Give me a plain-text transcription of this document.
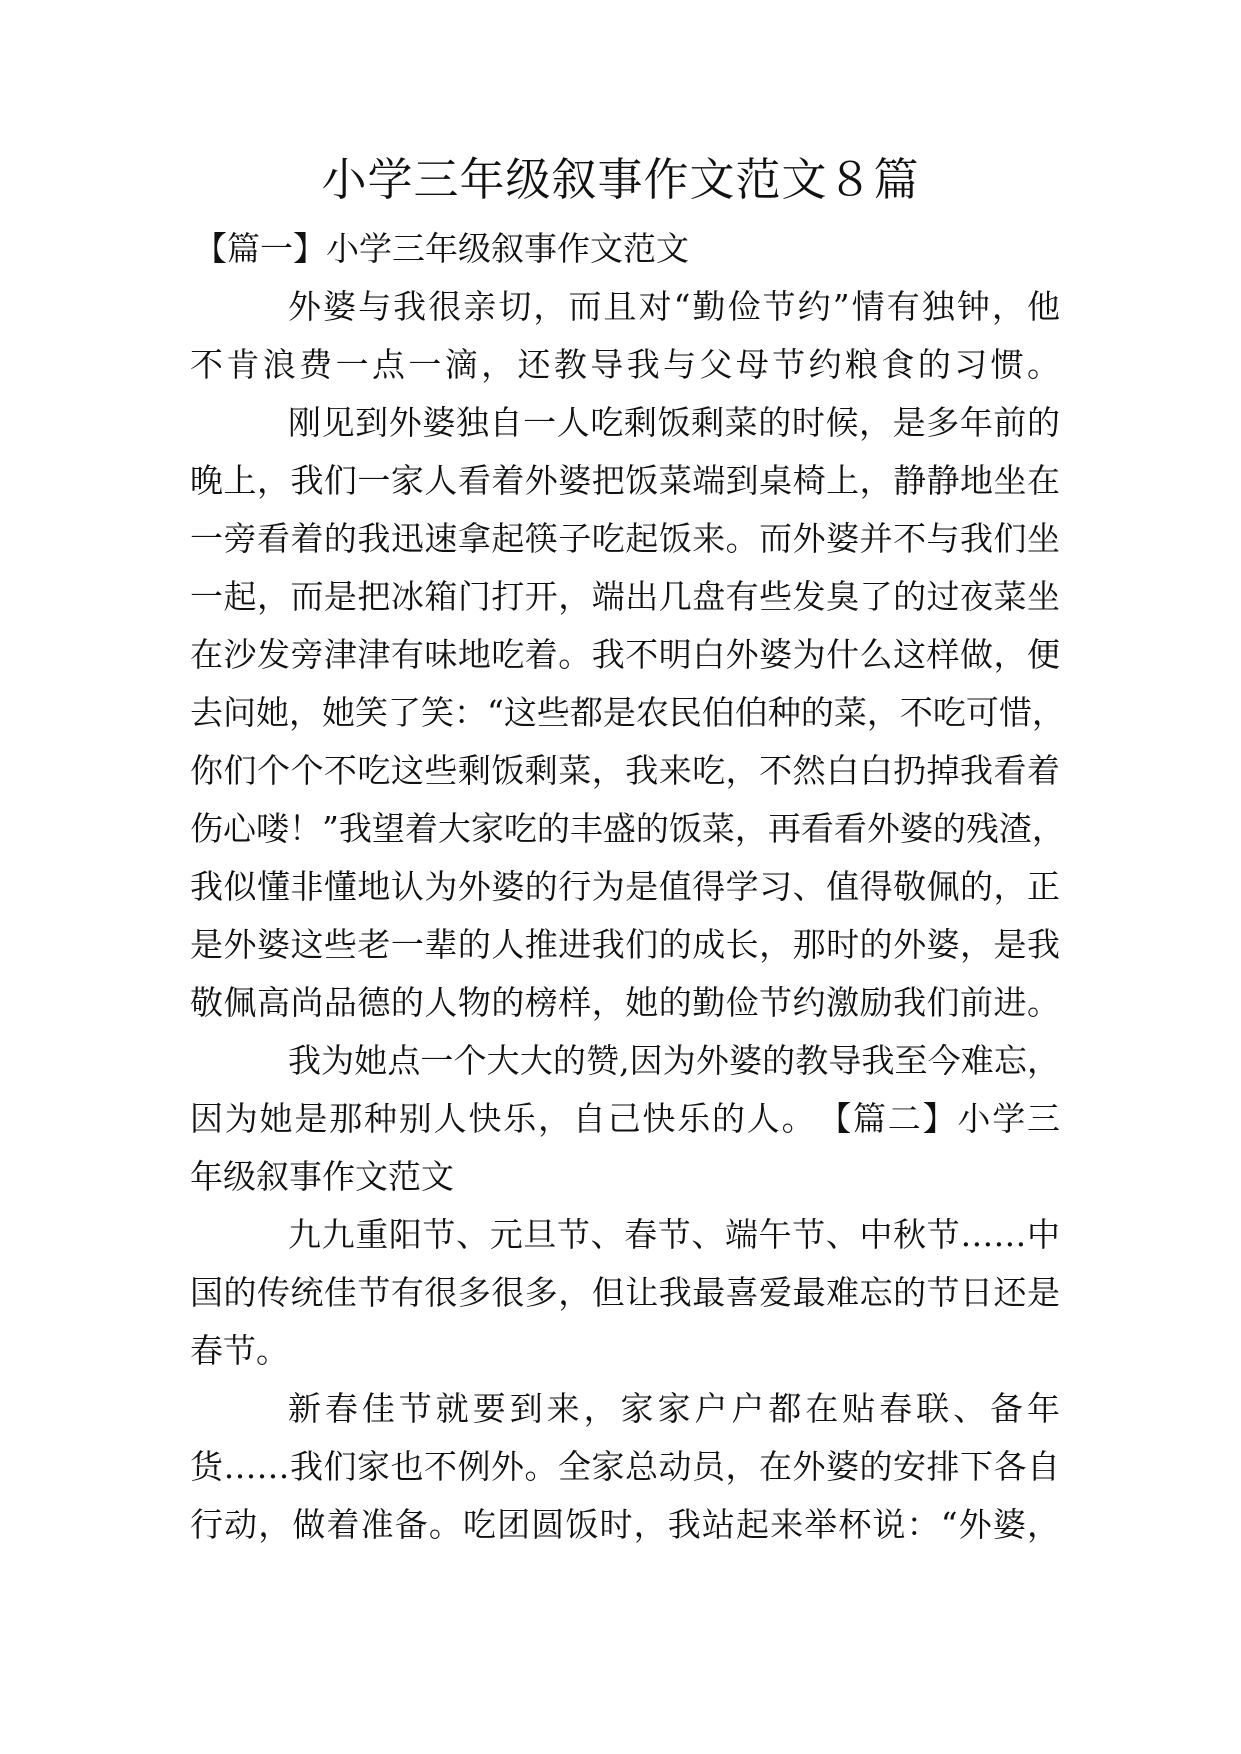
小学三年级叙事作文范文８篇
【篇一】小学三年级叙事作文范文
外婆与我很亲切，而且对“勤俭节约”情有独钟，他
不肯浪费一点一滴，还教导我与父母节约粮食的习惯。
刚见到外婆独自一人吃剩饭剩菜的时候，是多年前的
晚上，我们一家人看着外婆把饭菜端到桌椅上，静静地坐在
一旁看着的我迅速拿起筷子吃起饭来。而外婆并不与我们坐
一起，而是把冰箱门打开，端出几盘有些发臭了的过夜菜坐
在沙发旁津津有味地吃着。我不明白外婆为什么这样做，便
去问她，她笑了笑：“这些都是农民伯伯种的菜，不吃可惜，
你们个个不吃这些剩饭剩菜，我来吃，不然白白扔掉我看着
伤心喽！”我望着大家吃的丰盛的饭菜，再看看外婆的残渣，
我似懂非懂地认为外婆的行为是值得学习、值得敬佩的，正
是外婆这些老一辈的人推进我们的成长，那时的外婆，是我
敬佩高尚品德的人物的榜样，她的勤俭节约激励我们前进。
我为她点一个大大的赞,因为外婆的教导我至今难忘，
因为她是那种别人快乐，自己快乐的人。　【篇二】小学三
年级叙事作文范文
九九重阳节、元旦节、春节、端午节、中秋节……中
国的传统佳节有很多很多，但让我最喜爱最难忘的节日还是
春节。
新春佳节就要到来，家家户户都在贴春联、备年
货……我们家也不例外。全家总动员，在外婆的安排下各自
行动，做着准备。吃团圆饭时，我站起来举杯说：“外婆，
